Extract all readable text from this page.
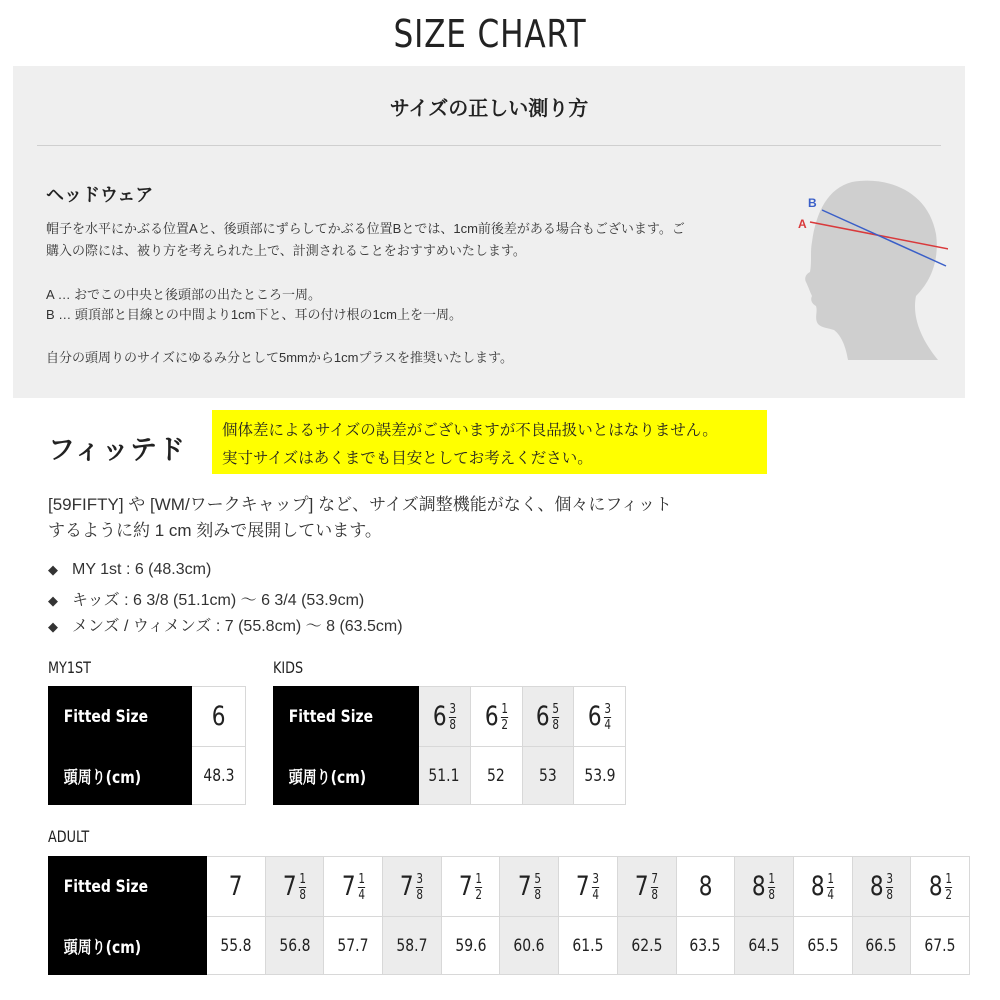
SIZE CHART
サイズの正しい測り方
ヘッドウェア
帽子を水平にかぶる位置Aと、後頭部にずらしてかぶる位置Bとでは、1cm前後差がある場合もございます。ご
購入の際には、被り方を考えられた上で、計測されることをおすすめいたします。
A … おでこの中央と後頭部の出たところ一周。
B … 頭頂部と目線との中間より1cm下と、耳の付け根の1cm上を一周。
自分の頭周りのサイズにゆるみ分として5mmから1cmプラスを推奨いたします。
A
B
フィッテド
個体差によるサイズの誤差がございますが不良品扱いとはなりません。
実寸サイズはあくまでも目安としてお考えください。
[59FIFTY] や [WM/ワークキャップ] など、サイズ調整機能がなく、個々にフィット
するように約 1 cm 刻みで展開しています。
◆ MY 1st : 6 (48.3cm)
◆ キッズ : 6 3/8 (51.1cm) 〜 6 3/4 (53.9cm)
◆ メンズ / ウィメンズ : 7 (55.8cm) 〜 8 (63.5cm)
MY1ST	KIDS
ADULT
Fitted Size	6
頭周り(cm)	48.3
Fitted Size	$6 \frac{3}{8}$	$6 \frac{1}{2}$	$6 \frac{5}{8}$	$6 \frac{3}{4}$

頭周り(cm)	51.1	52	53	53.9
Fitted Size	7	$7 \frac{1}{8}$	$7 \frac{1}{4}$	$7 \frac{3}{8}$	$7 \frac{1}{2}$	$7 \frac{5}{8}$	$7 \frac{3}{4}$	$7 \frac{7}{8}$	8	$8 \frac{1}{8}$	$8 \frac{1}{4}$	$8 \frac{3}{8}$	$8 \frac{1}{2}$

頭周り(cm)	55.8	56.8	57.7	58.7	59.6	60.6	61.5	62.5	63.5	64.5	65.5	66.5	67.5
